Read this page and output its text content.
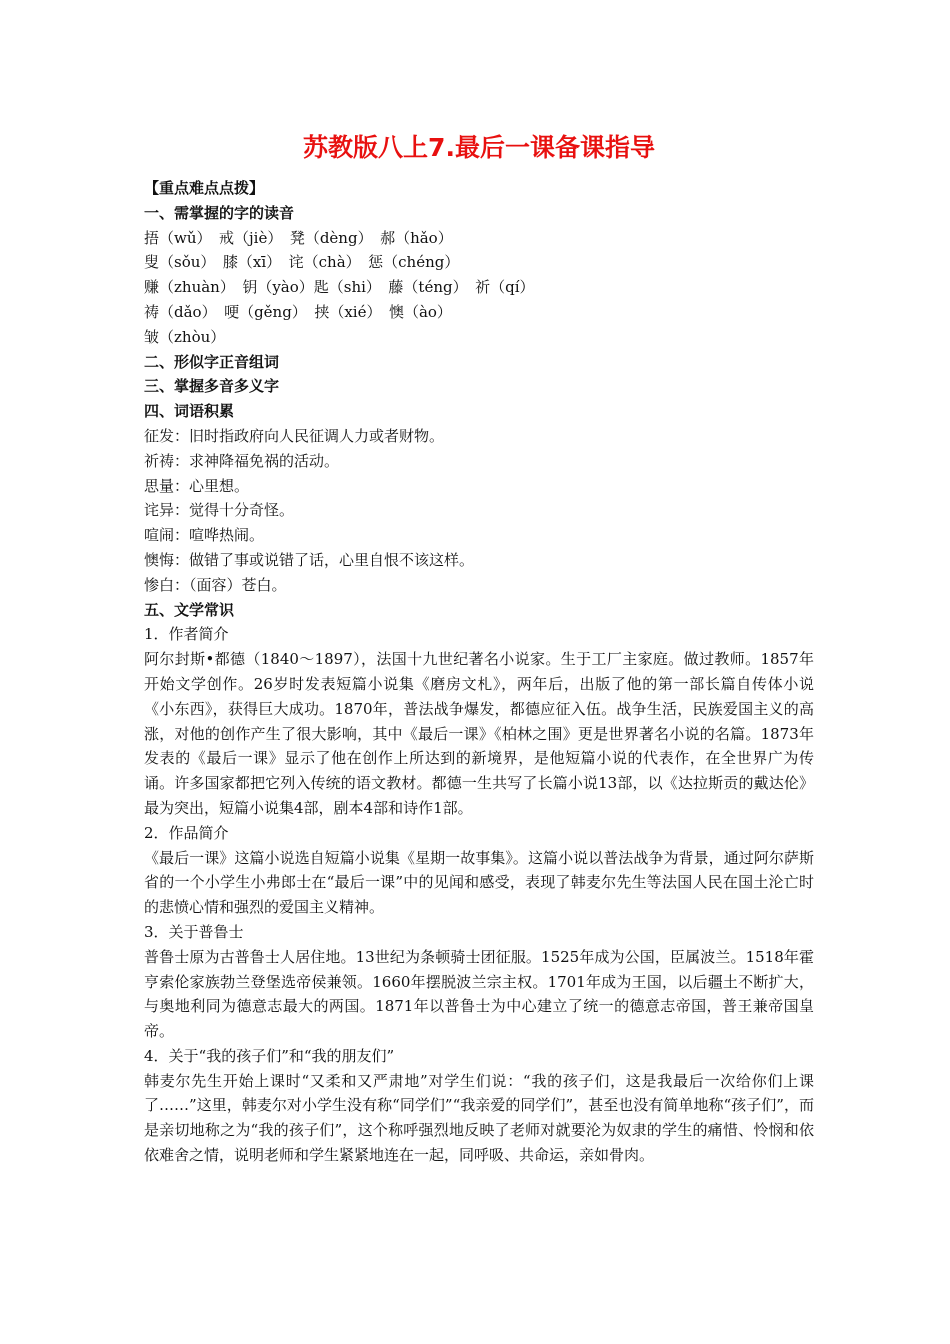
苏教版八上7.最后一课备课指导
【重点难点点拨】
一、需掌握的字的读音
捂（wǔ）　戒（jiè）　凳（dèng）　郝（hǎo）
叟（sǒu）　膝（xī）　诧（chà）　惩（chéng）
赚（zhuàn）　钥（yào）匙（shi）　藤（téng）　祈（qí）
祷（dǎo）　哽（gěng）　挟（xié）　懊（ào）
皱（zhòu）
二、形似字正音组词
三、掌握多音多义字
四、词语积累
征发：旧时指政府向人民征调人力或者财物。
祈祷：求神降福免祸的活动。
思量：心里想。
诧异：觉得十分奇怪。
喧闹：喧哗热闹。
懊悔：做错了事或说错了话，心里自恨不该这样。
惨白：（面容）苍白。
五、文学常识
1．作者简介
阿尔封斯•都德（1840～1897），法国十九世纪著名小说家。生于工厂主家庭。做过教师。1857年开始文学创作。26岁时发表短篇小说集《磨房文札》，两年后，出版了他的第一部长篇自传体小说《小东西》，获得巨大成功。1870年，普法战争爆发，都德应征入伍。战争生活，民族爱国主义的高涨，对他的创作产生了很大影响，其中《最后一课》《柏林之围》更是世界著名小说的名篇。1873年发表的《最后一课》显示了他在创作上所达到的新境界，是他短篇小说的代表作，在全世界广为传诵。许多国家都把它列入传统的语文教材。都德一生共写了长篇小说13部，以《达拉斯贡的戴达伦》最为突出，短篇小说集4部，剧本4部和诗作1部。
2．作品简介
《最后一课》这篇小说选自短篇小说集《星期一故事集》。这篇小说以普法战争为背景，通过阿尔萨斯省的一个小学生小弗郎士在“最后一课”中的见闻和感受，表现了韩麦尔先生等法国人民在国土沦亡时的悲愤心情和强烈的爱国主义精神。
3．关于普鲁士
普鲁士原为古普鲁士人居住地。13世纪为条顿骑士团征服。1525年成为公国，臣属波兰。1518年霍亨索伦家族勃兰登堡选帝侯兼领。1660年摆脱波兰宗主权。1701年成为王国，以后疆土不断扩大，与奥地利同为德意志最大的两国。1871年以普鲁士为中心建立了统一的德意志帝国，普王兼帝国皇帝。
4．关于“我的孩子们”和“我的朋友们”
韩麦尔先生开始上课时“又柔和又严肃地”对学生们说：“我的孩子们，这是我最后一次给你们上课了……”这里，韩麦尔对小学生没有称“同学们”“我亲爱的同学们”，甚至也没有简单地称“孩子们”，而是亲切地称之为“我的孩子们”，这个称呼强烈地反映了老师对就要沦为奴隶的学生的痛惜、怜悯和依依难舍之情，说明老师和学生紧紧地连在一起，同呼吸、共命运，亲如骨肉。
